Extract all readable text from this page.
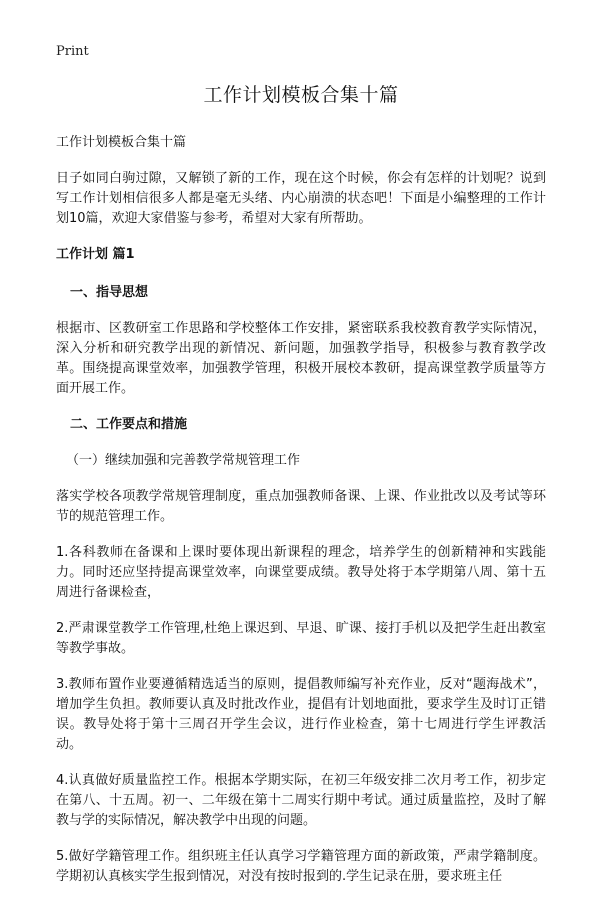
Print
工作计划模板合集十篇

工作计划模板合集十篇

日子如同白驹过隙，又解锁了新的工作，现在这个时候，你会有怎样的计划呢？说到写工作计划相信很多人都是毫无头绪、内心崩溃的状态吧！下面是小编整理的工作计划10篇，欢迎大家借鉴与参考，希望对大家有所帮助。

工作计划 篇1
一、指导思想

根据市、区教研室工作思路和学校整体工作安排，紧密联系我校教育教学实际情况，深入分析和研究教学出现的新情况、新问题，加强教学指导，积极参与教育教学改革。围绕提高课堂效率，加强教学管理，积极开展校本教研，提高课堂教学质量等方面开展工作。

二、工作要点和措施
（一）继续加强和完善教学常规管理工作

落实学校各项教学常规管理制度，重点加强教师备课、上课、作业批改以及考试等环节的规范管理工作。

1.各科教师在备课和上课时要体现出新课程的理念，培养学生的创新精神和实践能力。同时还应坚持提高课堂效率，向课堂要成绩。教导处将于本学期第八周、第十五周进行备课检查，

2.严肃课堂教学工作管理,杜绝上课迟到、早退、旷课、接打手机以及把学生赶出教室等教学事故。

3.教师布置作业要遵循精选适当的原则，提倡教师编写补充作业，反对“题海战术”，增加学生负担。教师要认真及时批改作业，提倡有计划地面批，要求学生及时订正错误。教导处将于第十三周召开学生会议，进行作业检查，第十七周进行学生评教活动。

4.认真做好质量监控工作。根据本学期实际，在初三年级安排二次月考工作，初步定在第八、十五周。初一、二年级在第十二周实行期中考试。通过质量监控，及时了解教与学的实际情况，解决教学中出现的问题。

5.做好学籍管理工作。组织班主任认真学习学籍管理方面的新政策，严肃学籍制度。学期初认真核实学生报到情况，对没有按时报到的.学生记录在册，要求班主任
